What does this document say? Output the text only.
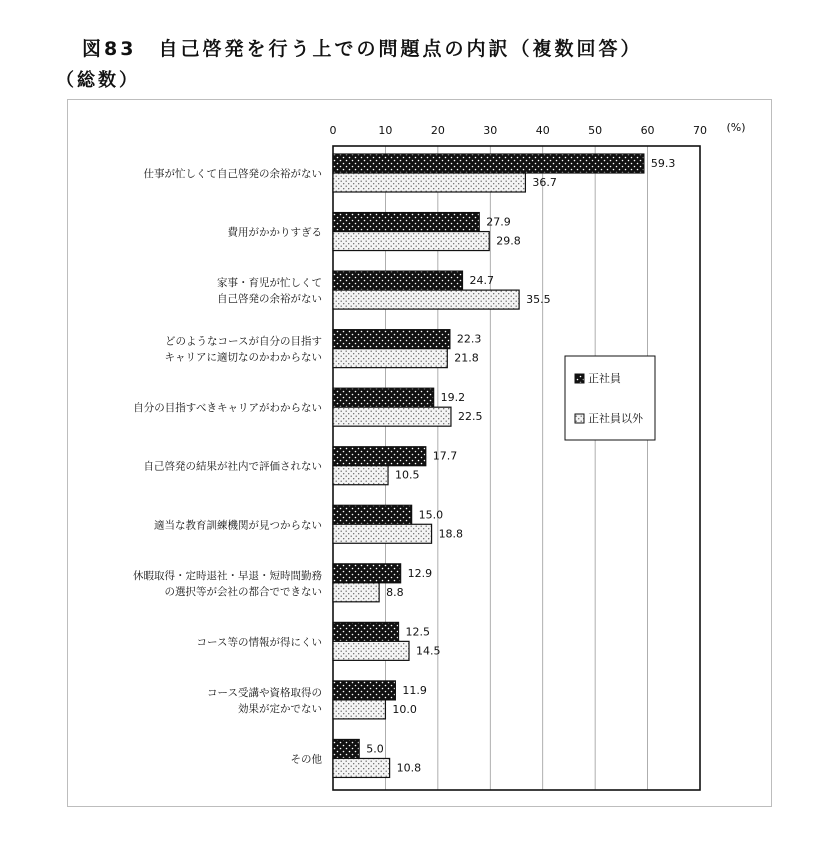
図83　自己啓発を行う上での問題点の内訳（複数回答）
（総数）
0	10	20	30	40	50	60	70 (%)
仕事が忙しくて自己啓発の余裕がない
59.3
36.7
費用がかかりすぎる
27.9
29.8
家事・育児が忙しくて
自己啓発の余裕がない
24.7
35.5
どのようなコースが自分の目指す
キャリアに適切なのかわからない
22.3
21.8
自分の目指すべきキャリアがわからない
19.2
22.5
自己啓発の結果が社内で評価されない
17.7
10.5
適当な教育訓練機関が見つからない
15.0
18.8
休暇取得・定時退社・早退・短時間勤務
の選択等が会社の都合でできない
12.9
8.8
コース等の情報が得にくい
12.5
14.5
コース受講や資格取得の
効果が定かでない
11.9
10.0
その他
5.0
10.8
正社員
正社員以外
